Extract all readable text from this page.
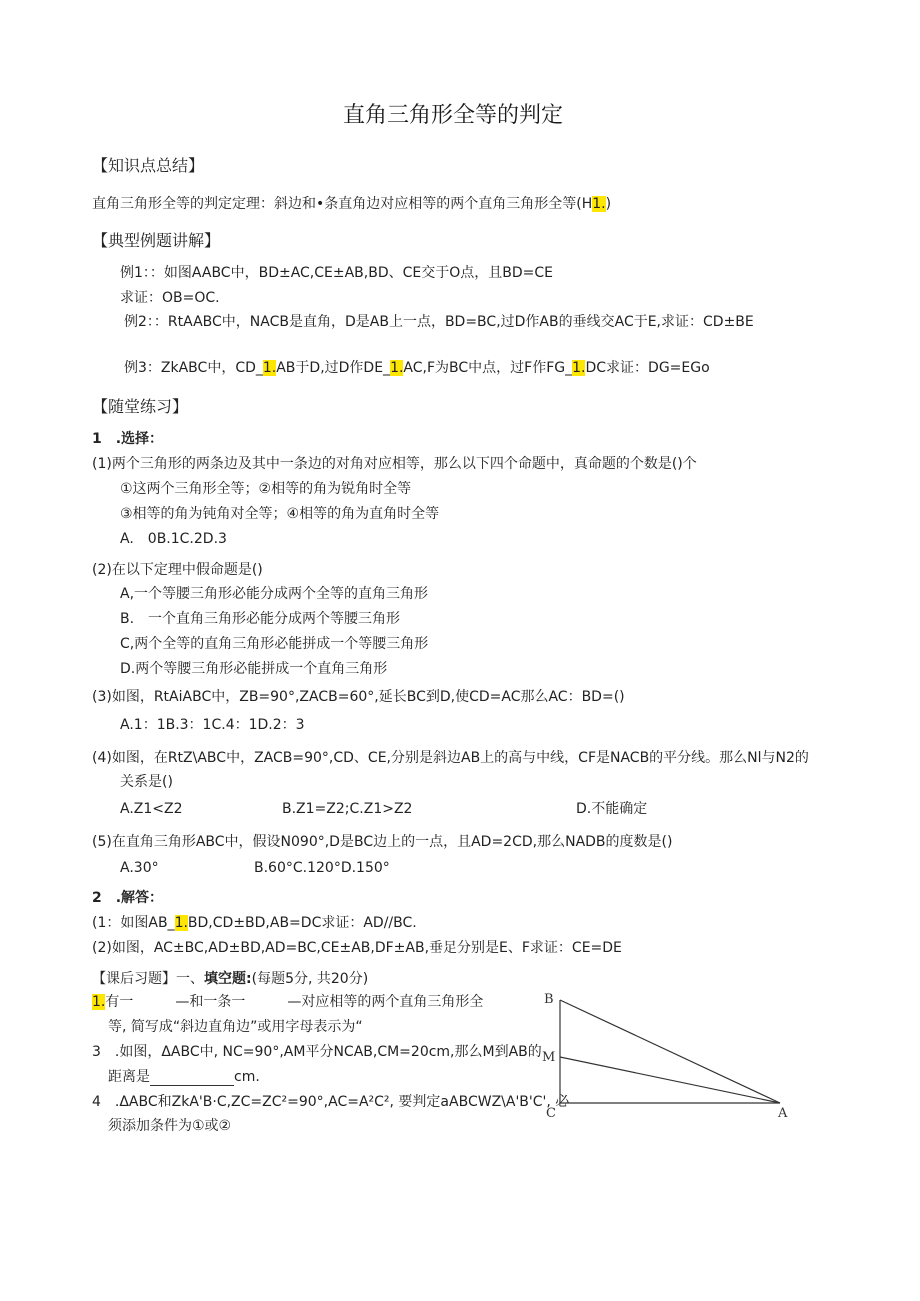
直角三角形全等的判定
【知识点总结】
直角三角形全等的判定定理：斜边和•条直角边对应相等的两个直角三角形全等(H1.)
【典型例题讲解】
例1：：如图AABC中，BD±AC,CE±AB,BD、CE交于O点，且BD=CE
求证：OB=OC.
例2：：RtAABC中，NACB是直角，D是AB上一点，BD=BC,过D作AB的垂线交AC于E,求证：CD±BE
例3：ZkABC中，CD_1.AB于D,过D作DE_1.AC,F为BC中点，过F作FG_1.DC求证：DG=EGo
【随堂练习】
1　.选择：
(1)两个三角形的两条边及其中一条边的对角对应相等，那么以下四个命题中，真命题的个数是()个
①这两个三角形全等；②相等的角为锐角时全等
③相等的角为钝角对全等；④相等的角为直角时全等
A.　0B.1C.2D.3
(2)在以下定理中假命题是()
A,一个等腰三角形必能分成两个全等的直角三角形
B.　一个直角三角形必能分成两个等腰三角形
C,两个全等的直角三角形必能拼成一个等腰三角形
D.两个等腰三角形必能拼成一个直角三角形
(3)如图，RtAiABC中，ZB=90°,ZACB=60°,延长BC到D,使CD=AC那么AC：BD=()
A.1：1B.3：1C.4：1D.2：3
(4)如图，在RtZ\ABC中，ZACB=90°,CD、CE,分别是斜边AB上的高与中线，CF是NACB的平分线。那么Nl与N2的
关系是()
A.Z1<Z2	B.Z1=Z2;C.Z1>Z2	D.不能确定
(5)在直角三角形ABC中，假设N090°,D是BC边上的一点，且AD=2CD,那么NADB的度数是()
A.30°	B.60°C.120°D.150°
2　.解答：
(1：如图AB_1.BD,CD±BD,AB=DC求证：AD//BC.
(2)如图，AC±BC,AD±BD,AD=BC,CE±AB,DF±AB,垂足分别是E、F求证：CE=DE
【课后习题】一、填空题:(每题5分, 共20分)
1.有一　　　—和一条一　　　—对应相等的两个直角三角形全
等, 简写成“斜边直角边”或用字母表示为“
3　.如图，ΔABC中, NC=90°,AM平分NCAB,CM=20cm,那么M到AB的
距离是	cm.
4　.ΔABC和ZkA'B·C,ZC=ZC²=90°,AC=A²C², 要判定aABCWZ\A'B'C', 必
须添加条件为①或②
B
M
C	A
